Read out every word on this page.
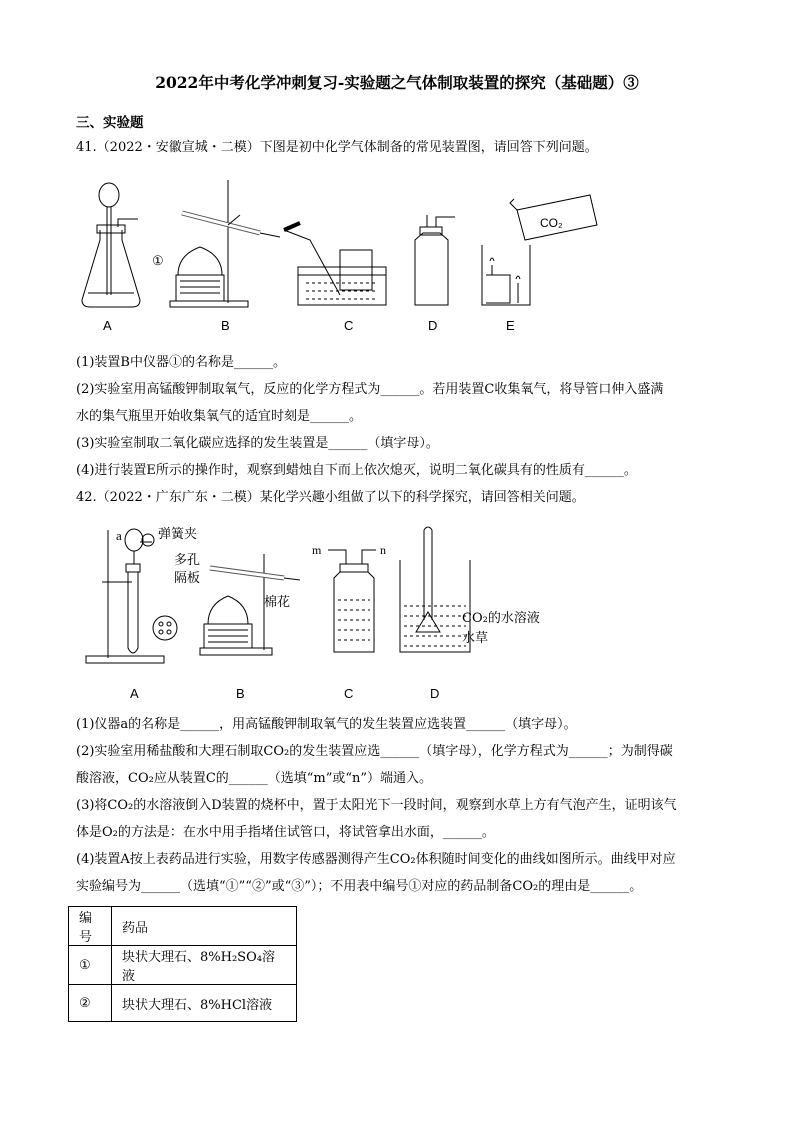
2022年中考化学冲刺复习-实验题之气体制取装置的探究（基础题）③
三、实验题
41.（2022・安徽宣城・二模）下图是初中化学气体制备的常见装置图，请回答下列问题。
CO₂
①
A	B	C	D	E
(1)装置B中仪器①的名称是______。
(2)实验室用高锰酸钾制取氧气，反应的化学方程式为______。若用装置C收集氧气，将导管口伸入盛满
水的集气瓶里开始收集氧气的适宜时刻是______。
(3)实验室制取二氧化碳应选择的发生装置是______（填字母）。
(4)进行装置E所示的操作时，观察到蜡烛自下而上依次熄灭，说明二氧化碳具有的性质有______。
42.（2022・广东广东・二模）某化学兴趣小组做了以下的科学探究，请回答相关问题。
a	弹簧夹
多孔
隔板
棉花
m	n
CO₂的水溶液
水草
A	B	C	D
(1)仪器a的名称是______，用高锰酸钾制取氧气的发生装置应选装置______（填字母）。
(2)实验室用稀盐酸和大理石制取CO₂的发生装置应选______（填字母），化学方程式为______；为制得碳
酸溶液，CO₂应从装置C的______（选填“m”或“n”）端通入。
(3)将CO₂的水溶液倒入D装置的烧杯中，置于太阳光下一段时间，观察到水草上方有气泡产生，证明该气
体是O₂的方法是：在水中用手指堵住试管口，将试管拿出水面，______。
(4)装置A按上表药品进行实验，用数字传感器测得产生CO₂体积随时间变化的曲线如图所示。曲线甲对应
实验编号为______（选填“①”“②”或“③”）；不用表中编号①对应的药品制备CO₂的理由是______。
编号	药品
①	块状大理石、8%H₂SO₄溶液
②	块状大理石、8%HCl溶液
